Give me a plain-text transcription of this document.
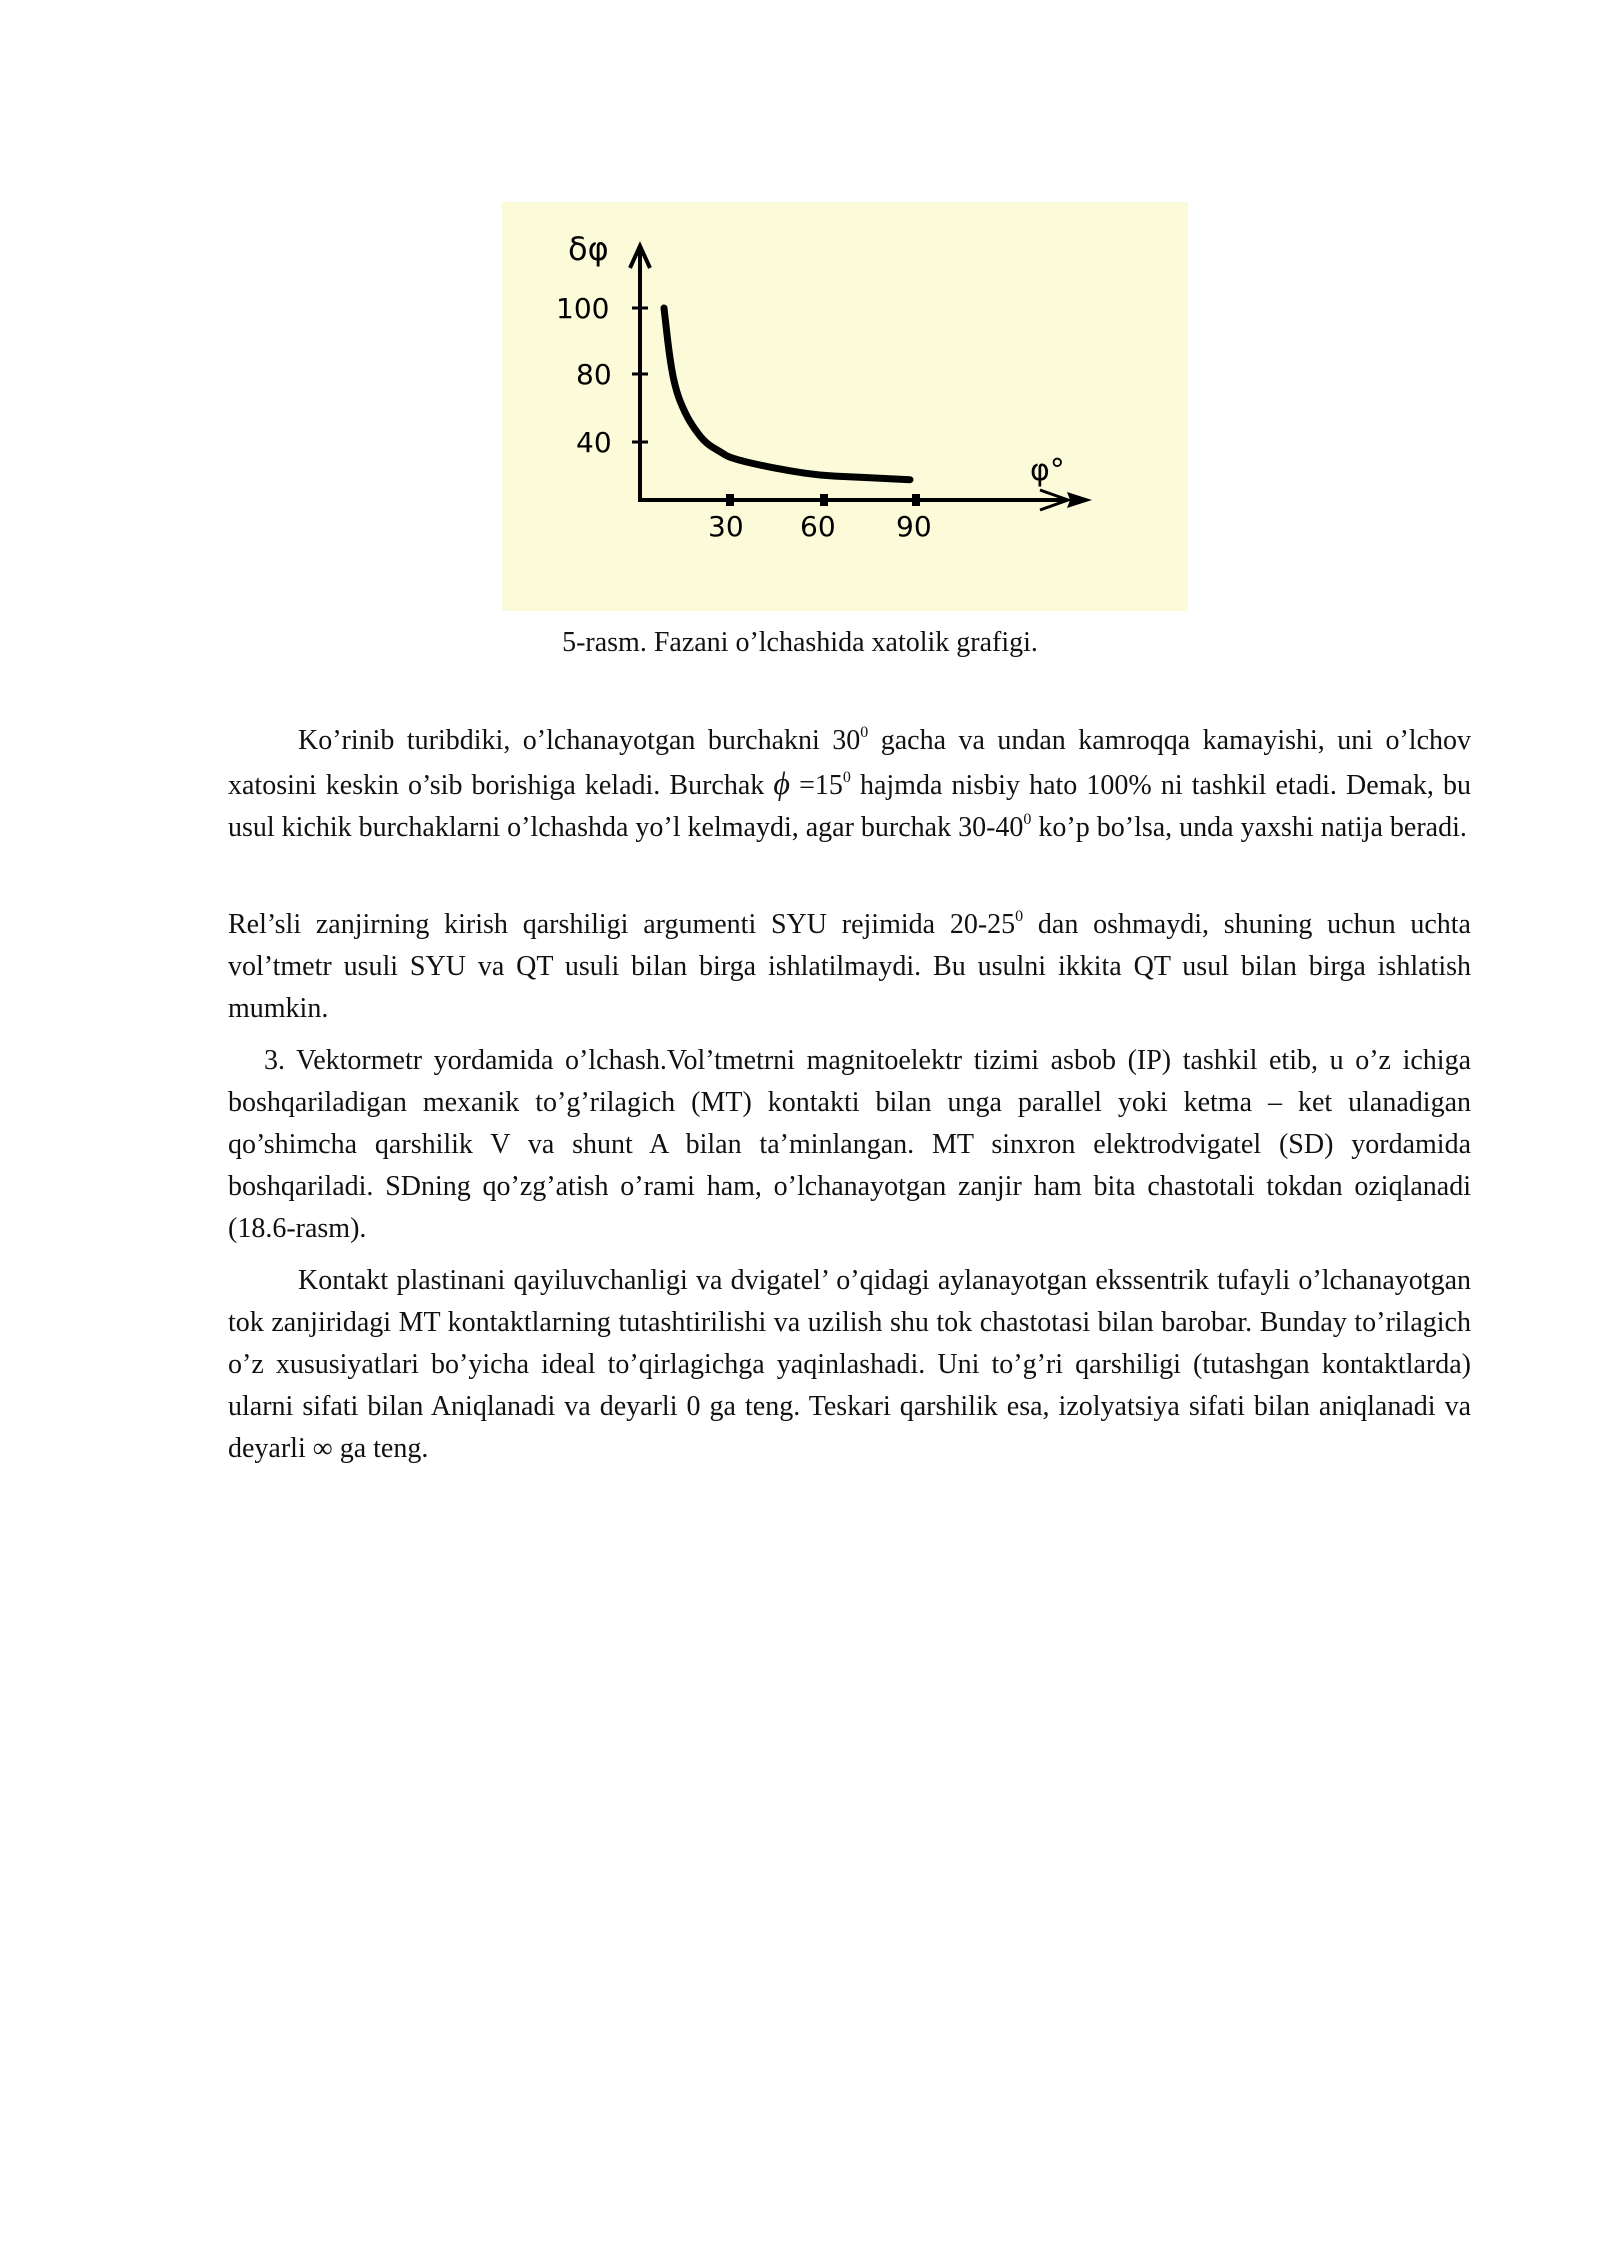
δφ
φ°
100
80
40
30 60 90
5-rasm. Fazani o’lchashida xatolik grafigi.
Ko’rinib turibdiki, o’lchanayotgan burchakni $30^0$ gacha va undan kamroqqa kamayishi, uni o’lchov xatosini keskin o’sib borishiga keladi. Burchak $\phi =15^0$ hajmda nisbiy hato 100% ni tashkil etadi. Demak, bu usul kichik burchaklarni o’lchashda yo’l kelmaydi, agar burchak $30-40^0$ ko’p bo’lsa, unda yaxshi natija beradi.
Rel’sli zanjirning kirish qarshiligi argumenti SYU rejimida $20-25^0$ dan oshmaydi, shuning uchun uchta vol’tmetr usuli SYU va QT usuli bilan birga ishlatilmaydi. Bu usulni ikkita QT usul bilan birga ishlatish mumkin.
3. Vektormetr yordamida o’lchash.Vol’tmetrni magnitoelektr tizimi asbob (IP) tashkil etib, u o’z ichiga boshqariladigan mexanik to’g’rilagich (MT) kontakti bilan unga parallel yoki ketma – ket ulanadigan qo’shimcha qarshilik V va shunt A bilan ta’minlangan. MT sinxron elektrodvigatel (SD) yordamida boshqariladi. SDning qo’zg’atish o’rami ham, o’lchanayotgan zanjir ham bita chastotali tokdan oziqlanadi (18.6-rasm).
Kontakt plastinani qayiluvchanligi va dvigatel’ o’qidagi aylanayotgan ekssentrik tufayli o’lchanayotgan tok zanjiridagi MT kontaktlarning tutashtirilishi va uzilish shu tok chastotasi bilan barobar. Bunday to’rilagich o’z xususiyatlari bo’yicha ideal to’qirlagichga yaqinlashadi. Uni to’g’ri qarshiligi (tutashgan kontaktlarda) ularni sifati bilan Aniqlanadi va deyarli 0 ga teng. Teskari qarshilik esa, izolyatsiya sifati bilan aniqlanadi va deyarli ∞ ga teng.
